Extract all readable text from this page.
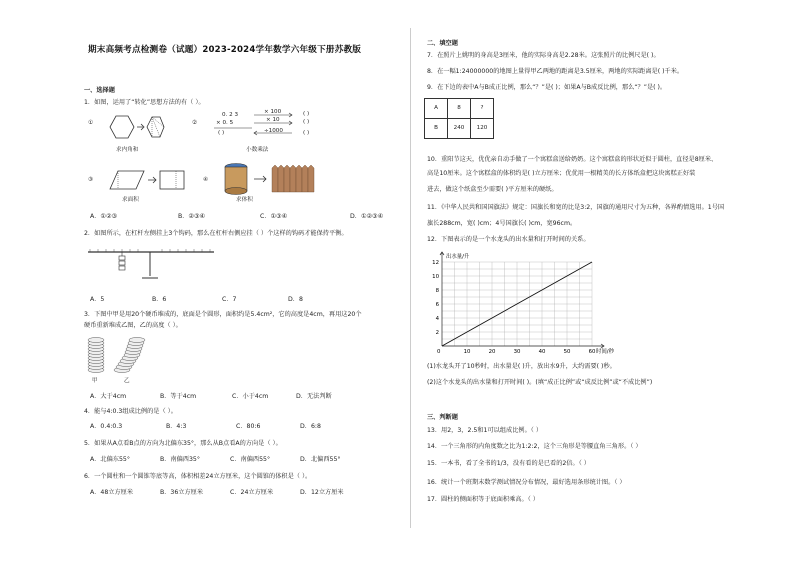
期末高频考点检测卷（试题）2023-2024学年数学六年级下册苏教版
一、选择题
1．如图，运用了“转化”思想方法的有（ ）。
①
求内角和
②
0. 2 3
× 0. 5
( )
× 100
× 10
÷1000
( )
( )
( )
小数乘法
③
求面积
④
求体积
A．①②③	B．②③④	C．①③④	D．①②③④
2．如图所示，在杠杆左侧挂上3个钩码，那么在杠杆右侧应挂（ ）个这样的钩码才能保持平衡。
A．5	B．6	C．7	D．8
3．下图中甲是用20个硬币堆成的，底面是个圆形，面积约是5.4cm²，它的高度是4cm，再用这20个
硬币重新堆成乙图，乙的高度（ ）。
甲	乙
A．大于4cm	B．等于4cm	C．小于4cm	D．无法判断
4．能与4:0.3组成比例的是（ ）。
A．0.4:0.3	B．4:3	C．80:6	D．6:8
5．如果从A点看B点的方向为北偏东35°，那么从B点看A的方向是（ ）。
A．北偏东55°	B．南偏西35°	C．南偏西55°	D．北偏西55°
6．一个圆柱和一个圆锥等底等高，体积相差24立方厘米，这个圆锥的体积是（ ）。
A．48立方厘米	B．36立方厘米	C．24立方厘米	D．12立方厘米
二、填空题
7．在照片上姚明的身高是3厘米，他的实际身高是2.28米。这张照片的比例尺是( )。
8．在一幅1:24000000的地图上量得甲乙两地的距离是3.5厘米，两地的实际距离是( )千米。
9．在下边的表中A与B成正比例，那么“？”是( )；如果A与B成反比例，那么“？”是( )。
A	8	?
B	240	120
10．重阳节这天，优优亲自动手做了一个寓糕盒送给奶奶。这个寓糕盒的形状近似于圆柱，直径是8厘米、
高是10厘米。这个寓糕盒的体积约是( )立方厘米；优优用一根精美的长方体纸盒把这块寓糕正好装
进去，做这个纸盒至少需要( )平方厘米的硬纸。
11．《中华人民共和国国旗法》规定：国旗长和宽的比是3:2，国旗的通用尺寸为五种，各界酌情选用。1号国
旗长288cm，宽( )cm；4号国旗长( )cm，宽96cm。
12．下图表示的是一个水龙头的出水量和打开时间的关系。
10	20	30	40	50	60
2
4
6
8
10
12
出水量/升
时间/秒
0
(1)水龙头开了10秒时，出水量是( )升，放出水9升，大约需要( )秒。
(2)这个水龙头的出水量和打开时间( )。(填“成正比例”或“成反比例”或“不成比例”)
三、判断题
13．用2，3，2.5和1可以组成比例。（ ）
14．一个三角形的内角度数之比为1:2:2，这个三角形是等腰直角三角形。（ ）
15．一本书，看了全书的1/3，没有看的是已看的2倍。（ ）
16．统计一个班期末数学测试情况分布情况，最好选用条形统计图。（ ）
17．圆柱的侧面积等于底面积乘高。（ ）
